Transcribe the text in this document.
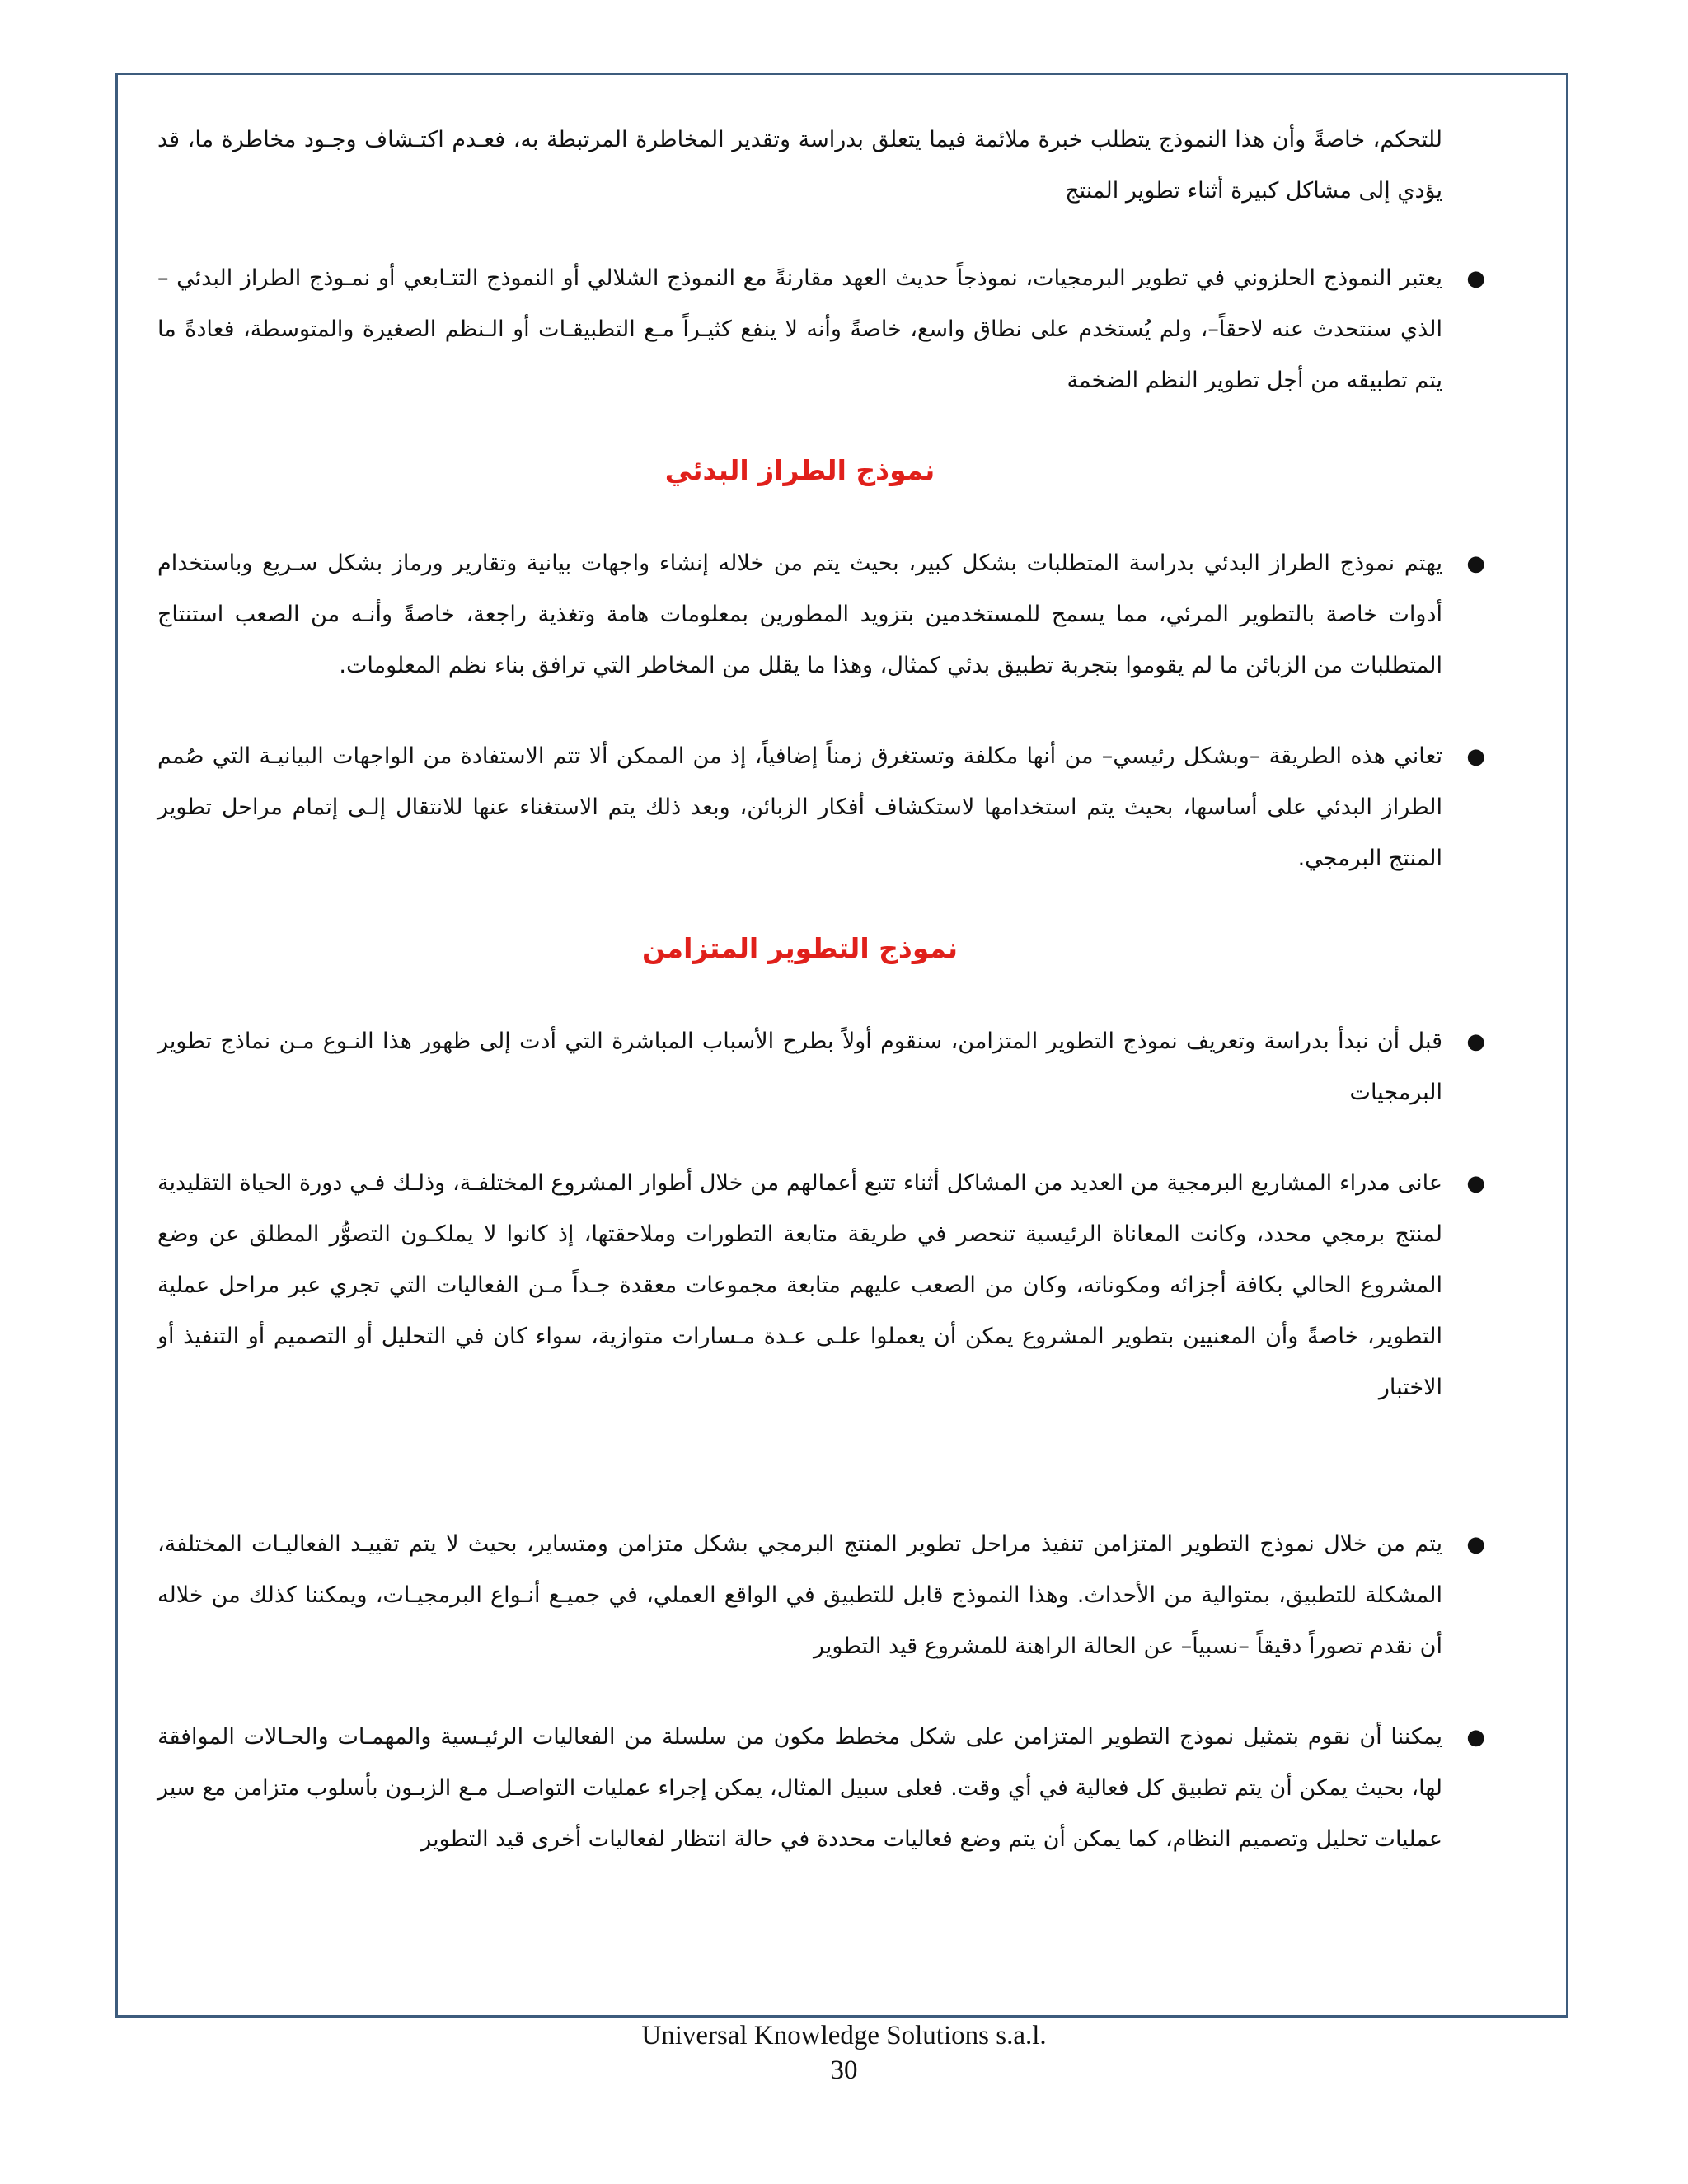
للتحكم، خاصةً وأن هذا النموذج يتطلب خبرة ملائمة فيما يتعلق بدراسة وتقدير المخاطرة المرتبطة به، فعـدم اكتـشاف وجـود مخاطرة ما، قد يؤدي إلى مشاكل كبيرة أثناء تطوير المنتج

●

يعتبر النموذج الحلزوني في تطوير البرمجيات، نموذجاً حديث العهد مقارنةً مع النموذج الشلالي أو النموذج التتـابعي أو نمـوذج الطراز البدئي –الذي سنتحدث عنه لاحقاً–، ولم يُستخدم على نطاق واسع، خاصةً وأنه لا ينفع كثيـراً مـع التطبيقـات أو الـنظم الصغيرة والمتوسطة، فعادةً ما يتم تطبيقه من أجل تطوير النظم الضخمة

نموذج الطراز البدئي
●

يهتم نموذج الطراز البدئي بدراسة المتطلبات بشكل كبير، بحيث يتم من خلاله إنشاء واجهات بيانية وتقارير ورماز بشكل سـريع وباستخدام أدوات خاصة بالتطوير المرئي، مما يسمح للمستخدمين بتزويد المطورين بمعلومات هامة وتغذية راجعة، خاصةً وأنـه من الصعب استنتاج المتطلبات من الزبائن ما لم يقوموا بتجربة تطبيق بدئي كمثال، وهذا ما يقلل من المخاطر التي ترافق بناء نظم المعلومات.

●

تعاني هذه الطريقة –وبشكل رئيسي– من أنها مكلفة وتستغرق زمناً إضافياً، إذ من الممكن ألا تتم الاستفادة من الواجهات البيانيـة التي صُمم الطراز البدئي على أساسها، بحيث يتم استخدامها لاستكشاف أفكار الزبائن، وبعد ذلك يتم الاستغناء عنها للانتقال إلـى إتمام مراحل تطوير المنتج البرمجي.

نموذج التطوير المتزامن
●

قبل أن نبدأ بدراسة وتعريف نموذج التطوير المتزامن، سنقوم أولاً بطرح الأسباب المباشرة التي أدت إلى ظهور هذا النـوع مـن نماذج تطوير البرمجيات

●

عانى مدراء المشاريع البرمجية من العديد من المشاكل أثناء تتبع أعمالهم من خلال أطوار المشروع المختلفـة، وذلـك فـي دورة الحياة التقليدية لمنتج برمجي محدد، وكانت المعاناة الرئيسية تنحصر في طريقة متابعة التطورات وملاحقتها، إذ كانوا لا يملكـون التصوُّر المطلق عن وضع المشروع الحالي بكافة أجزائه ومكوناته، وكان من الصعب عليهم متابعة مجموعات معقدة جـداً مـن الفعاليات التي تجري عبر مراحل عملية التطوير، خاصةً وأن المعنيين بتطوير المشروع يمكن أن يعملوا علـى عـدة مـسارات متوازية، سواء كان في التحليل أو التصميم أو التنفيذ أو الاختبار

●

يتم من خلال نموذج التطوير المتزامن تنفيذ مراحل تطوير المنتج البرمجي بشكل متزامن ومتساير، بحيث لا يتم تقييـد الفعاليـات المختلفة، المشكلة للتطبيق، بمتوالية من الأحداث. وهذا النموذج قابل للتطبيق في الواقع العملي، في جميـع أنـواع البرمجيـات، ويمكننا كذلك من خلاله أن نقدم تصوراً دقيقاً –نسبياً– عن الحالة الراهنة للمشروع قيد التطوير

●

يمكننا أن نقوم بتمثيل نموذج التطوير المتزامن على شكل مخطط مكون من سلسلة من الفعاليات الرئيـسية والمهمـات والحـالات الموافقة لها، بحيث يمكن أن يتم تطبيق كل فعالية في أي وقت. فعلى سبيل المثال، يمكن إجراء عمليات التواصـل مـع الزبـون بأسلوب متزامن مع سير عمليات تحليل وتصميم النظام، كما يمكن أن يتم وضع فعاليات محددة في حالة انتظار لفعاليات أخرى قيد التطوير

Universal Knowledge Solutions s.a.l.
30
